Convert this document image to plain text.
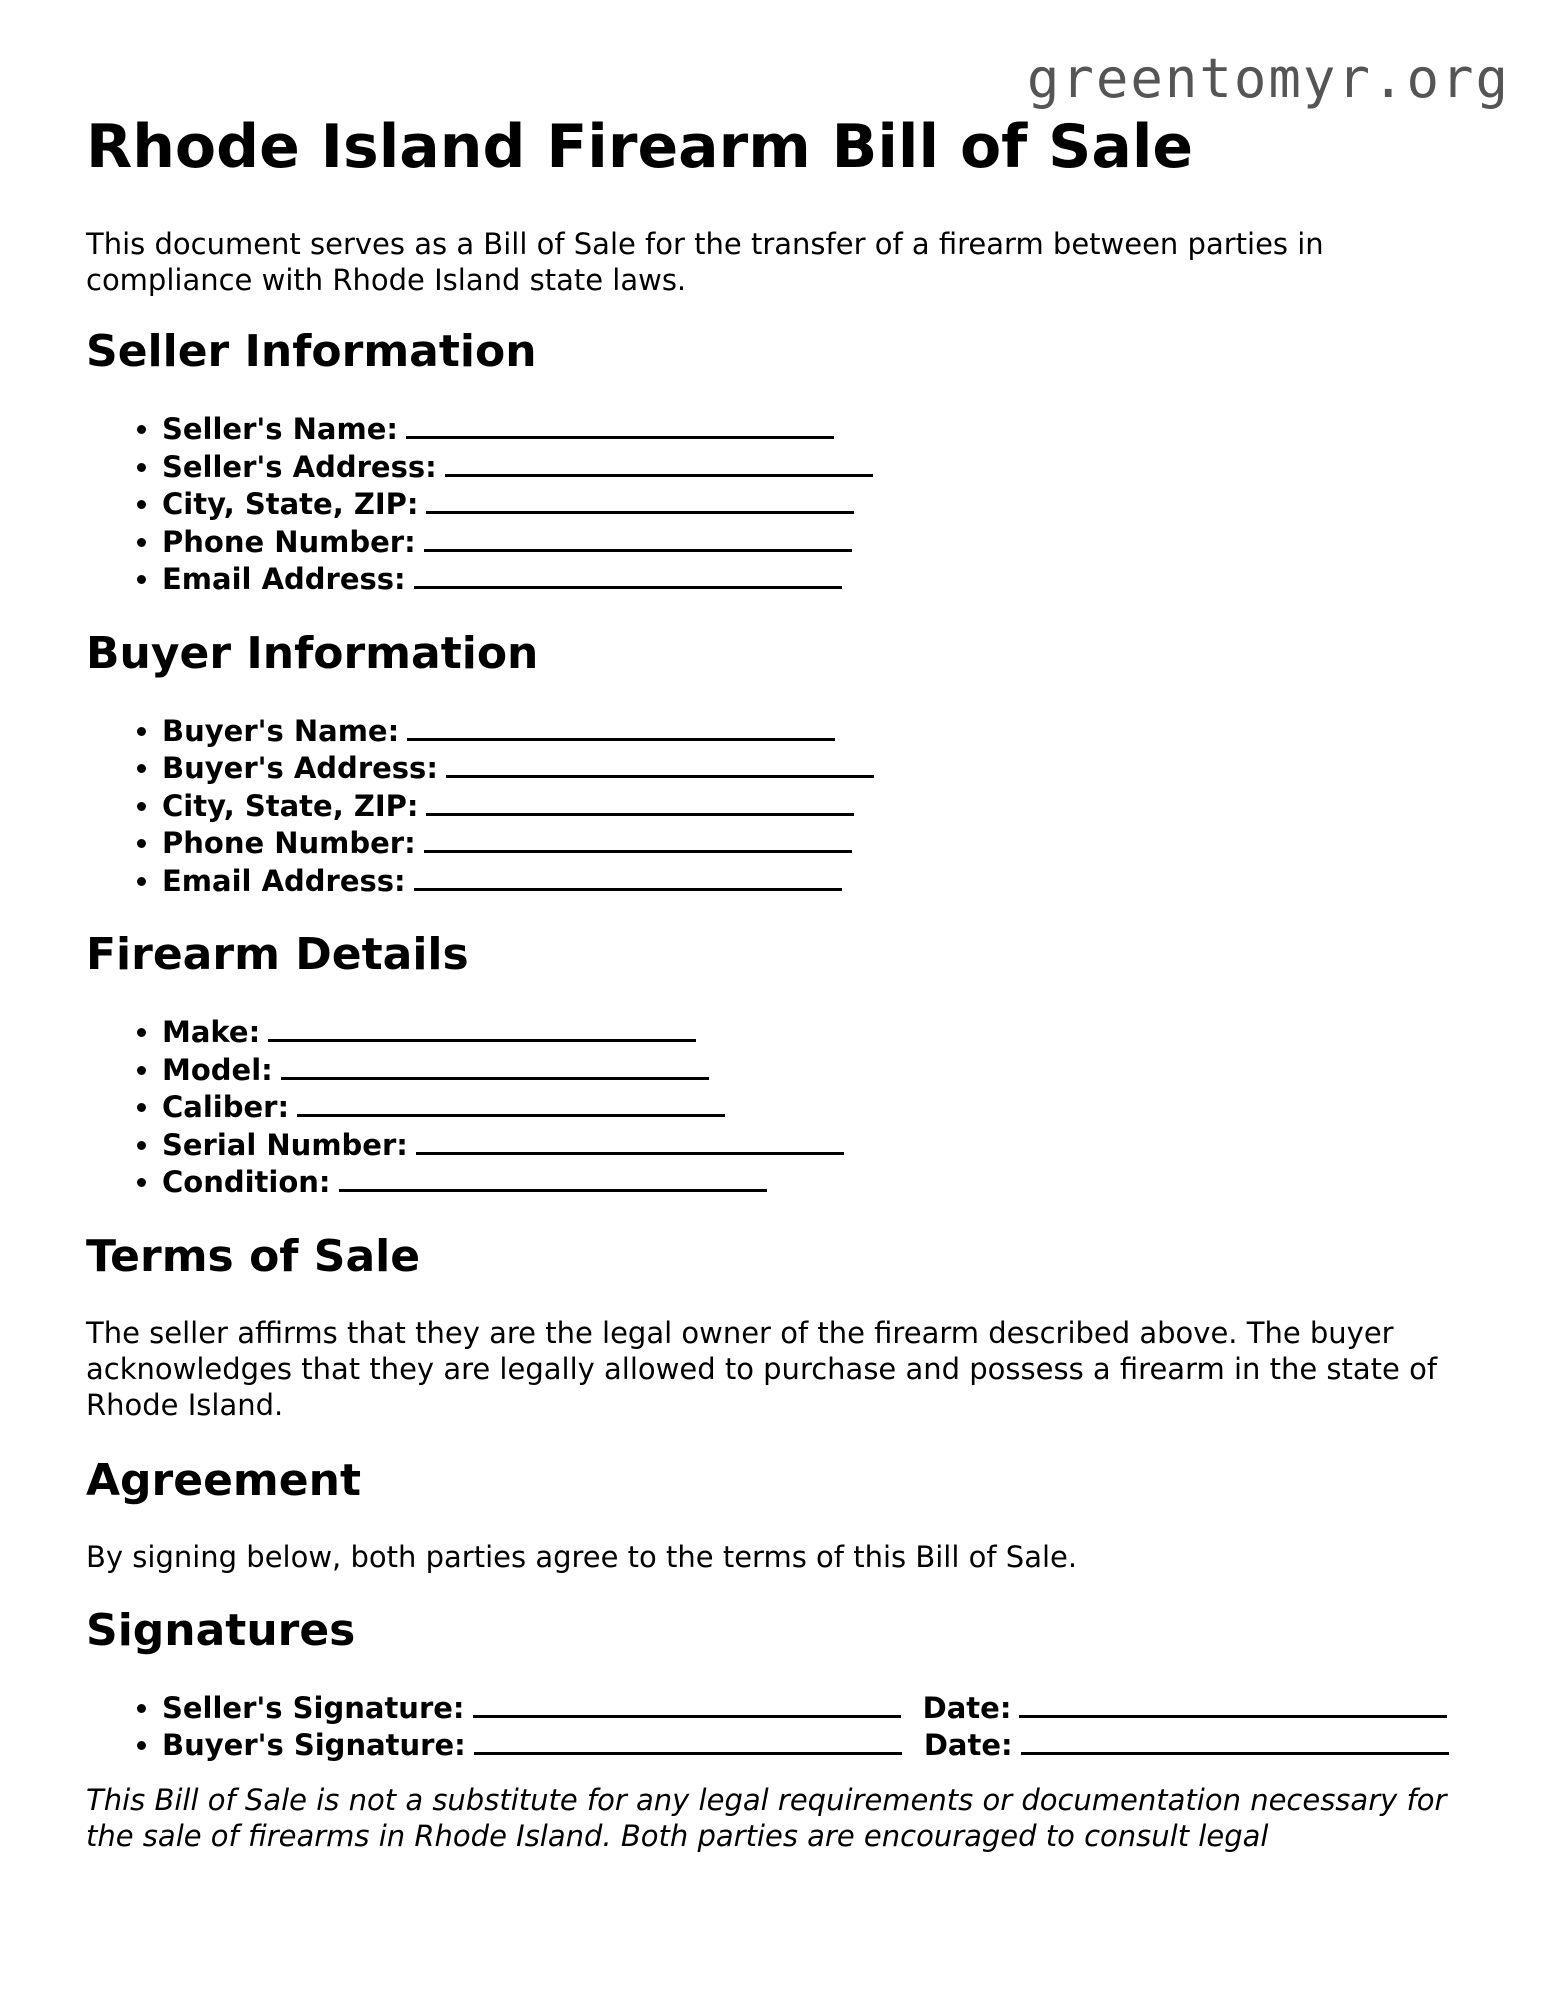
greentomyr.org
Rhode Island Firearm Bill of Sale

This document serves as a Bill of Sale for the transfer of a firearm between parties in compliance with Rhode Island state laws.

Seller Information
• Seller's Name:
• Seller's Address:
• City, State, ZIP:
• Phone Number:
• Email Address:
Buyer Information
• Buyer's Name:
• Buyer's Address:
• City, State, ZIP:
• Phone Number:
• Email Address:
Firearm Details
• Make:
• Model:
• Caliber:
• Serial Number:
• Condition:
Terms of Sale

The seller affirms that they are the legal owner of the firearm described above. The buyer acknowledges that they are legally allowed to purchase and possess a firearm in the state of Rhode Island.

Agreement

By signing below, both parties agree to the terms of this Bill of Sale.

Signatures
• Seller's Signature:	Date:
• Buyer's Signature:	Date:

This Bill of Sale is not a substitute for any legal requirements or documentation necessary for the sale of firearms in Rhode Island. Both parties are encouraged to consult legal
